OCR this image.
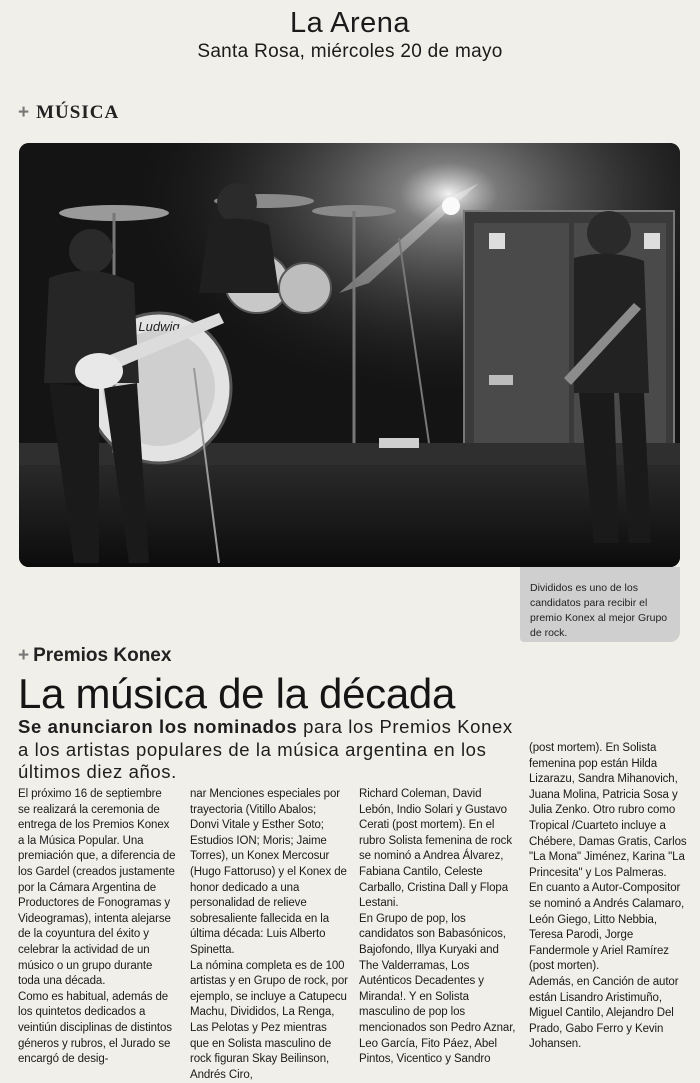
La Arena
Santa Rosa, miércoles 20 de mayo
+ MÚSICA
Ludwig
Divididos es uno de los candidatos para recibir el premio Konex al mejor Grupo de rock.
+ Premios Konex
La música de la década
Se anunciaron los nominados para los Premios Konex a los artistas populares de la música argentina en los últimos diez años.

El próximo 16 de septiembre se realizará la ceremonia de entrega de los Premios Konex a la Música Popular. Una premiación que, a diferencia de los Gardel (creados justamente por la Cámara Argentina de Productores de Fonogramas y Videogramas), intenta alejarse de la coyuntura del éxito y celebrar la actividad de un músico o un grupo durante toda una década.

Como es habitual, además de los quintetos dedicados a veintiún disciplinas de distintos géneros y rubros, el Jurado se encargó de desig-

nar Menciones especiales por trayectoria (Vitillo Abalos; Donvi Vitale y Esther Soto; Estudios ION; Moris; Jaime Torres), un Konex Mercosur (Hugo Fattoruso) y el Konex de honor dedicado a una personalidad de relieve sobresaliente fallecida en la última década: Luis Alberto Spinetta.

La nómina completa es de 100 artistas y en Grupo de rock, por ejemplo, se incluye a Catupecu Machu, Divididos, La Renga, Las Pelotas y Pez mientras que en Solista masculino de rock figuran Skay Beilinson, Andrés Ciro,

Richard Coleman, David Lebón, Indio Solari y Gustavo Cerati (post mortem). En el rubro Solista femenina de rock se nominó a Andrea Álvarez, Fabiana Cantilo, Celeste Carballo, Cristina Dall y Flopa Lestani.

En Grupo de pop, los candidatos son Babasónicos, Bajofondo, Illya Kuryaki and The Valderramas, Los Auténticos Decadentes y Miranda!. Y en Solista masculino de pop los mencionados son Pedro Aznar, Leo García, Fito Páez, Abel Pintos, Vicentico y Sandro

(post mortem). En Solista femenina pop están Hilda Lizarazu, Sandra Mihanovich, Juana Molina, Patricia Sosa y Julia Zenko. Otro rubro como Tropical /Cuarteto incluye a Chébere, Damas Gratis, Carlos "La Mona" Jiménez, Karina "La Princesita" y Los Palmeras.

En cuanto a Autor-Compositor se nominó a Andrés Calamaro, León Giego, Litto Nebbia, Teresa Parodi, Jorge Fandermole y Ariel Ramírez (post morten).

Además, en Canción de autor están Lisandro Aristimuño, Miguel Cantilo, Alejandro Del Prado, Gabo Ferro y Kevin Johansen.
